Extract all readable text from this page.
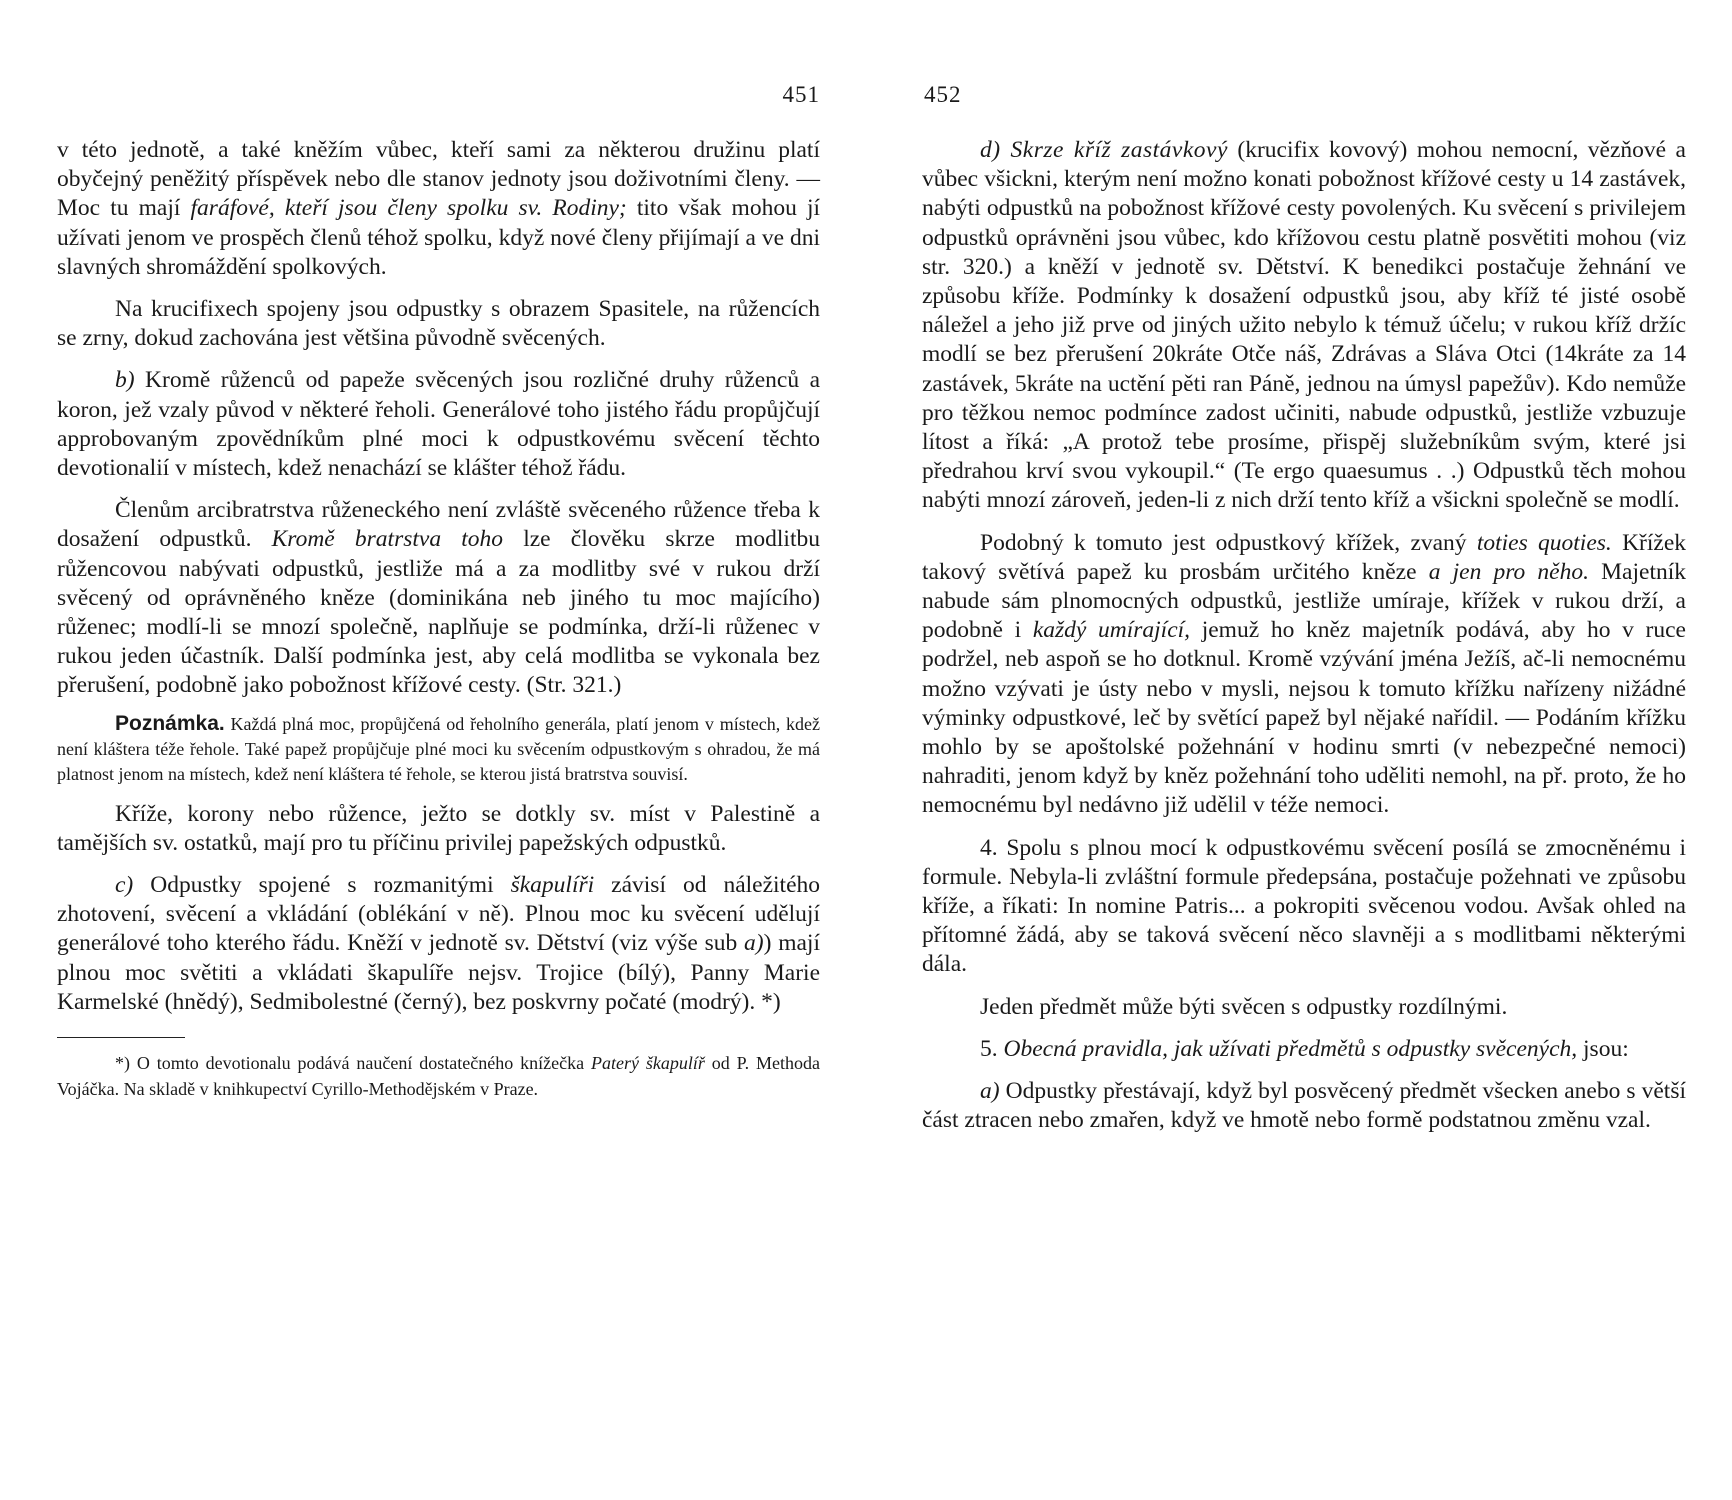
451

v této jednotě, a také kněžím vůbec, kteří sami za některou družinu platí obyčejný peněžitý příspěvek nebo dle stanov jednoty jsou doživotními členy. — Moc tu mají faráfové, kteří jsou členy spolku sv. Rodiny; tito však mohou jí užívati jenom ve prospěch členů téhož spolku, když nové členy přijímají a ve dni slavných shromáždění spolkových.

Na krucifixech spojeny jsou odpustky s obrazem Spasitele, na růžencích se zrny, dokud zachována jest většina původně svěcených.

b) Kromě růženců od papeže svěcených jsou rozličné druhy růženců a koron, jež vzaly původ v některé řeholi. Generálové toho jistého řádu propůjčují approbovaným zpovědníkům plné moci k odpustkovému svěcení těchto devotionalií v místech, kdež nenachází se klášter téhož řádu.

Členům arcibratrstva růženeckého není zvláště svěceného růžence třeba k dosažení odpustků. Kromě bratrstva toho lze člověku skrze modlitbu růžencovou nabývati odpustků, jestliže má a za modlitby své v rukou drží svěcený od oprávněného kněze (dominikána neb jiného tu moc majícího) růženec; modlí-li se mnozí společně, naplňuje se podmínka, drží-li růženec v rukou jeden účastník. Další podmínka jest, aby celá modlitba se vykonala bez přerušení, podobně jako pobožnost křížové cesty. (Str. 321.)

Poznámka. Každá plná moc, propůjčená od řeholního generála, platí jenom v místech, kdež není kláštera téže řehole. Také papež propůjčuje plné moci ku svěcením odpustkovým s ohradou, že má platnost jenom na místech, kdež není kláštera té řehole, se kterou jistá bratrstva souvisí.

Kříže, korony nebo růžence, ježto se dotkly sv. míst v Palestině a tamějších sv. ostatků, mají pro tu příčinu privilej papežských odpustků.

c) Odpustky spojené s rozmanitými škapulíři závisí od náležitého zhotovení, svěcení a vkládání (oblékání v ně). Plnou moc ku svěcení udělují generálové toho kterého řádu. Kněží v jednotě sv. Dětství (viz výše sub a)) mají plnou moc světiti a vkládati škapulíře nejsv. Trojice (bílý), Panny Marie Karmelské (hnědý), Sedmibolestné (černý), bez poskvrny počaté (modrý). *)

*) O tomto devotionalu podává naučení dostatečného knížečka Paterý škapulíř od P. Methoda Vojáčka. Na skladě v knihkupectví Cyrillo-Methodějském v Praze.

452

d) Skrze kříž zastávkový (krucifix kovový) mohou nemocní, vězňové a vůbec všickni, kterým není možno konati pobožnost křížové cesty u 14 zastávek, nabýti odpustků na pobožnost křížové cesty povolených. Ku svěcení s privilejem odpustků oprávněni jsou vůbec, kdo křížovou cestu platně posvětiti mohou (viz str. 320.) a kněží v jednotě sv. Dětství. K benedikci postačuje žehnání ve způsobu kříže. Podmínky k dosažení odpustků jsou, aby kříž té jisté osobě náležel a jeho již prve od jiných užito nebylo k témuž účelu; v rukou kříž držíc modlí se bez přerušení 20kráte Otče náš, Zdrávas a Sláva Otci (14kráte za 14 zastávek, 5kráte na uctění pěti ran Páně, jednou na úmysl papežův). Kdo nemůže pro těžkou nemoc podmínce zadost učiniti, nabude odpustků, jestliže vzbuzuje lítost a říká: „A protož tebe prosíme, přispěj služebníkům svým, které jsi předrahou krví svou vykoupil.“ (Te ergo quaesumus . .) Odpustků těch mohou nabýti mnozí zároveň, jeden-li z nich drží tento kříž a všickni společně se modlí.

Podobný k tomuto jest odpustkový křížek, zvaný toties quoties. Křížek takový světívá papež ku prosbám určitého kněze a jen pro něho. Majetník nabude sám plnomocných odpustků, jestliže umíraje, křížek v rukou drží, a podobně i každý umírající, jemuž ho kněz majetník podává, aby ho v ruce podržel, neb aspoň se ho dotknul. Kromě vzývání jména Ježíš, ač-li nemocnému možno vzývati je ústy nebo v mysli, nejsou k tomuto křížku nařízeny nižádné výminky odpustkové, leč by světící papež byl nějaké nařídil. — Podáním křížku mohlo by se apoštolské požehnání v hodinu smrti (v nebezpečné nemoci) nahraditi, jenom když by kněz požehnání toho uděliti nemohl, na př. proto, že ho nemocnému byl nedávno již udělil v téže nemoci.

4. Spolu s plnou mocí k odpustkovému svěcení posílá se zmocněnému i formule. Nebyla-li zvláštní formule předepsána, postačuje požehnati ve způsobu kříže, a říkati: In nomine Patris... a pokropiti svěcenou vodou. Avšak ohled na přítomné žádá, aby se taková svěcení něco slavněji a s modlitbami některými dála.

Jeden předmět může býti svěcen s odpustky rozdílnými.

5. Obecná pravidla, jak užívati předmětů s odpustky svěcených, jsou:

a) Odpustky přestávají, když byl posvěcený předmět všecken anebo s větší část ztracen nebo zmařen, když ve hmotě nebo formě podstatnou změnu vzal.
